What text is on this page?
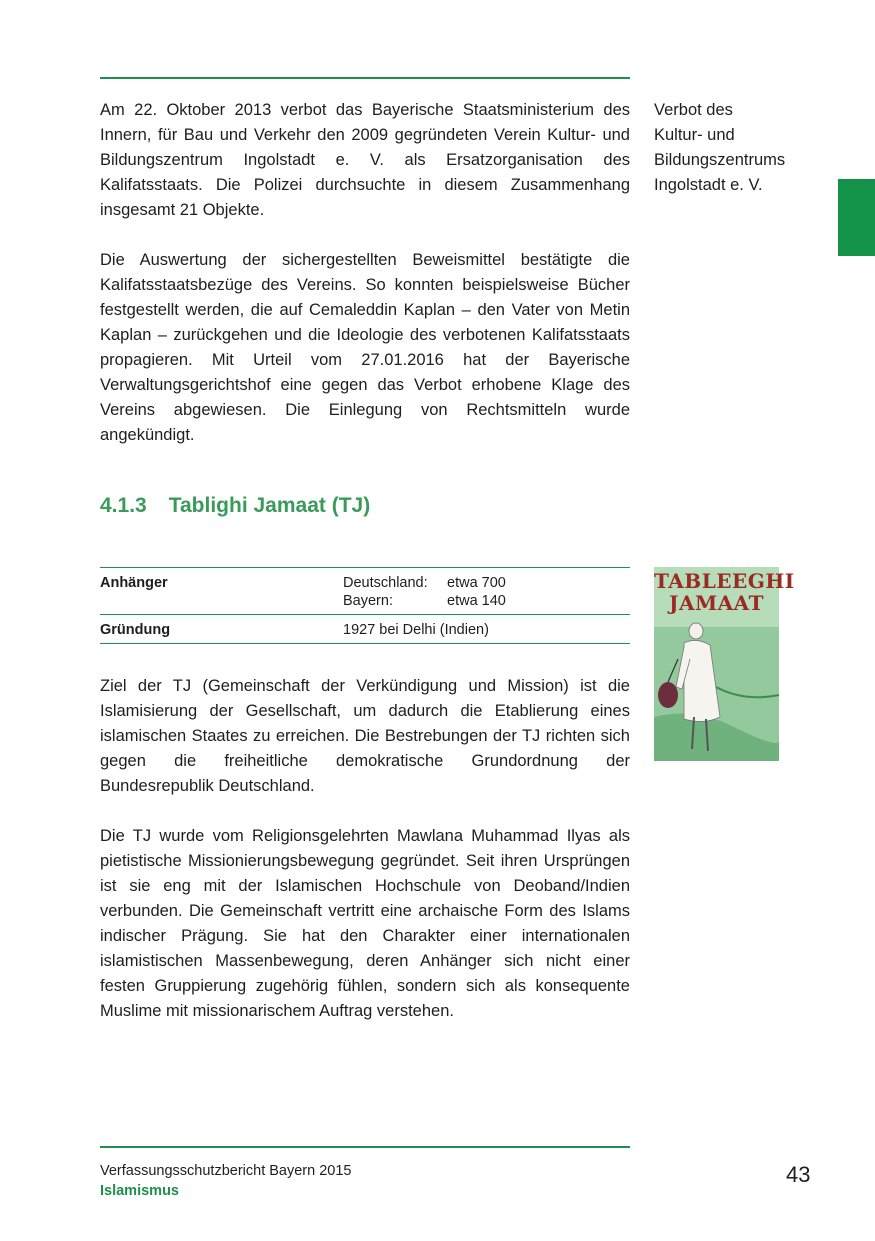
Am 22. Oktober 2013 verbot das Bayerische Staatsministerium des Innern, für Bau und Verkehr den 2009 gegründeten Verein Kultur- und Bildungszentrum Ingolstadt e. V. als Ersatzorganisation des Kalifatsstaats. Die Polizei durchsuchte in diesem Zusammenhang insgesamt 21 Objekte.

Verbot des
Kultur- und
Bildungszentrums
Ingolstadt e. V.

Die Auswertung der sichergestellten Beweismittel bestätigte die Kalifatsstaatsbezüge des Vereins. So konnten beispielsweise Bücher festgestellt werden, die auf Cemaleddin Kaplan – den Vater von Metin Kaplan – zurückgehen und die Ideologie des verbotenen Kalifatsstaats propagieren. Mit Urteil vom 27.01.2016 hat der Bayerische Verwaltungsgerichtshof eine gegen das Verbot erhobene Klage des Vereins abgewiesen. Die Einlegung von Rechtsmitteln wurde angekündigt.

4.1.3 Tablighi Jamaat (TJ)
Anhänger	Deutschland: etwa 700
Bayern: etwa 140

Gründung	1927 bei Delhi (Indien)
TABLEEGHI
JAMAAT

Ziel der TJ (Gemeinschaft der Verkündigung und Mission) ist die Islamisierung der Gesellschaft, um dadurch die Etablierung eines islamischen Staates zu erreichen. Die Bestrebungen der TJ richten sich gegen die freiheitliche demokratische Grundordnung der Bundesrepublik Deutschland.

Die TJ wurde vom Religionsgelehrten Mawlana Muhammad Ilyas als pietistische Missionierungsbewegung gegründet. Seit ihren Ursprüngen ist sie eng mit der Islamischen Hochschule von Deoband/Indien verbunden. Die Gemeinschaft vertritt eine archaische Form des Islams indischer Prägung. Sie hat den Charakter einer internationalen islamistischen Massenbewegung, deren Anhänger sich nicht einer festen Gruppierung zugehörig fühlen, sondern sich als konsequente Muslime mit missionarischem Auftrag verstehen.

Verfassungsschutzbericht Bayern 2015
Islamismus
43
